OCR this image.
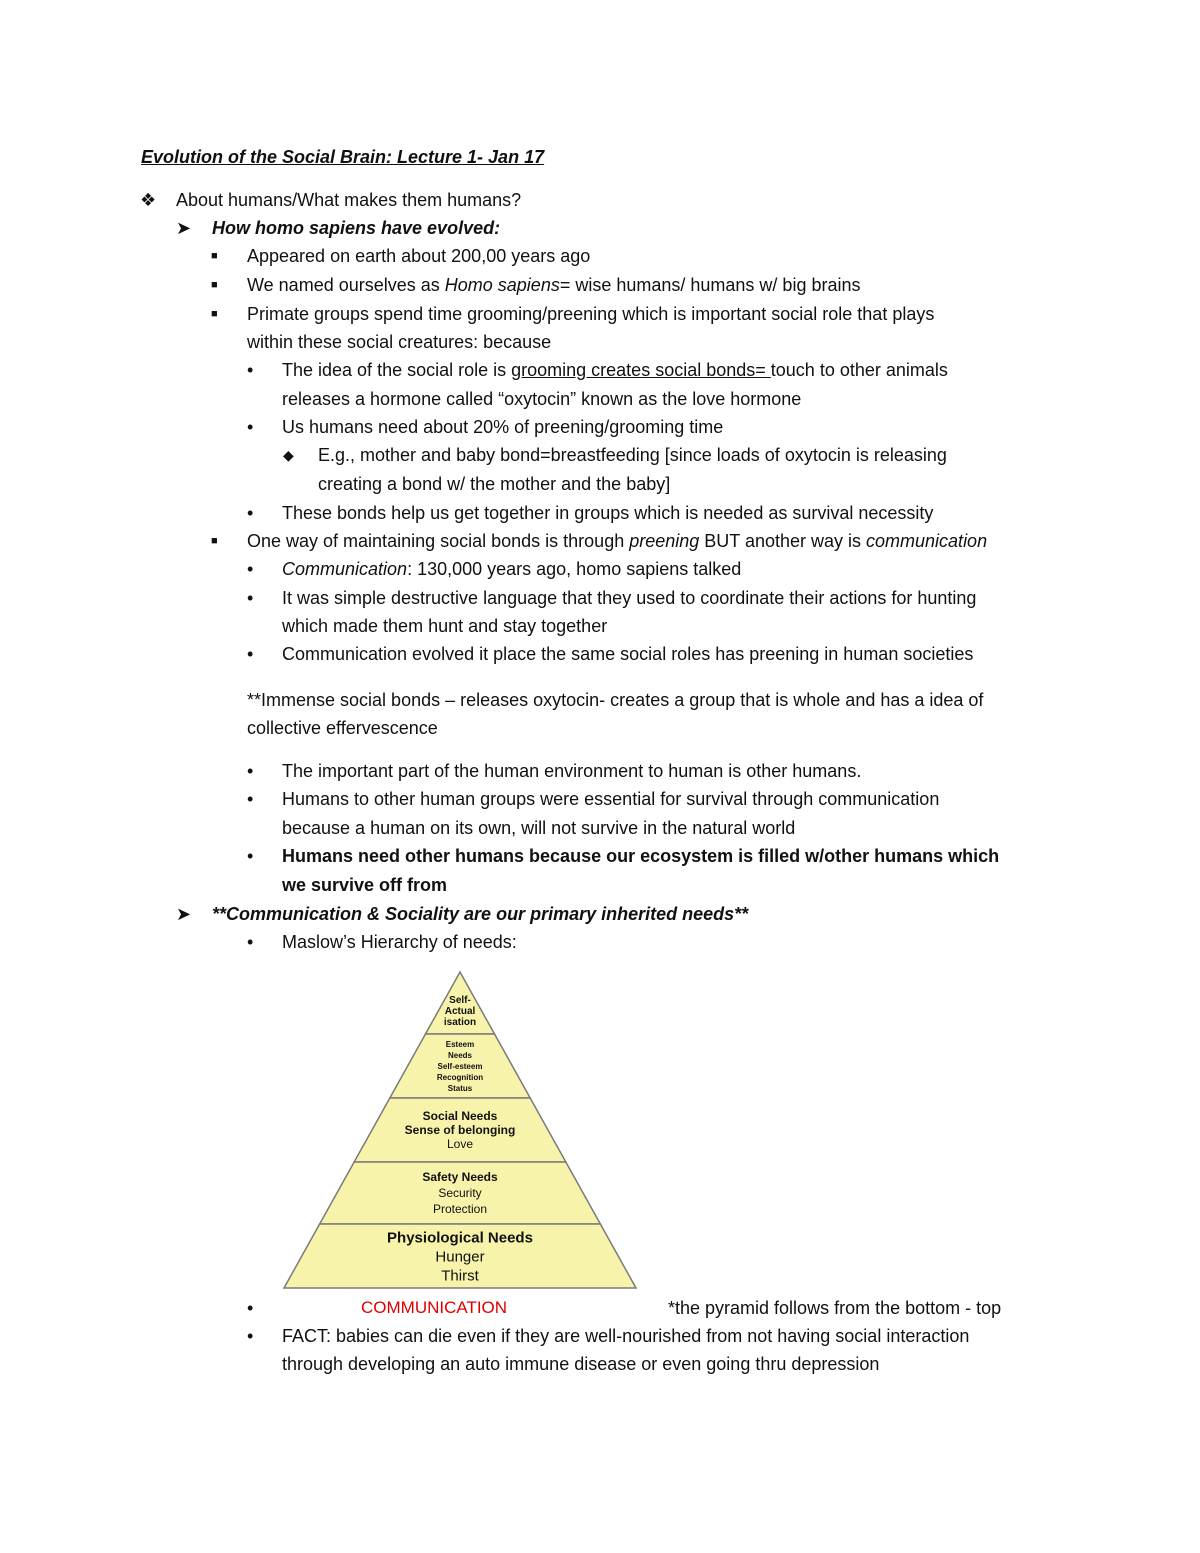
Evolution of the Social Brain: Lecture 1- Jan 17
❖ About humans/What makes them humans?
➤ How homo sapiens have evolved:
■ Appeared on earth about 200,00 years ago
■ We named ourselves as Homo sapiens= wise humans/ humans w/ big brains
■ Primate groups spend time grooming/preening which is important social role that plays
within these social creatures: because
• The idea of the social role is grooming creates social bonds= touch to other animals
releases a hormone called “oxytocin” known as the love hormone
• Us humans need about 20% of preening/grooming time
◆ E.g., mother and baby bond=breastfeeding [since loads of oxytocin is releasing
creating a bond w/ the mother and the baby]
• These bonds help us get together in groups which is needed as survival necessity
■ One way of maintaining social bonds is through preening BUT another way is communication
• Communication: 130,000 years ago, homo sapiens talked
• It was simple destructive language that they used to coordinate their actions for hunting
which made them hunt and stay together
• Communication evolved it place the same social roles has preening in human societies
**Immense social bonds – releases oxytocin- creates a group that is whole and has a idea of
collective effervescence
• The important part of the human environment to human is other humans.
• Humans to other human groups were essential for survival through communication
because a human on its own, will not survive in the natural world
• Humans need other humans because our ecosystem is filled w/other humans which
we survive off from
➤ **Communication & Sociality are our primary inherited needs**
• Maslow’s Hierarchy of needs:
Self-
Actual
isation
Esteem
Needs
Self-esteem
Recognition
Status
Social Needs
Sense of belonging
Love
Safety Needs
Security
Protection
Physiological Needs
Hunger
Thirst
•	COMMUNICATION	*the pyramid follows from the bottom - top
• FACT: babies can die even if they are well-nourished from not having social interaction
through developing an auto immune disease or even going thru depression
